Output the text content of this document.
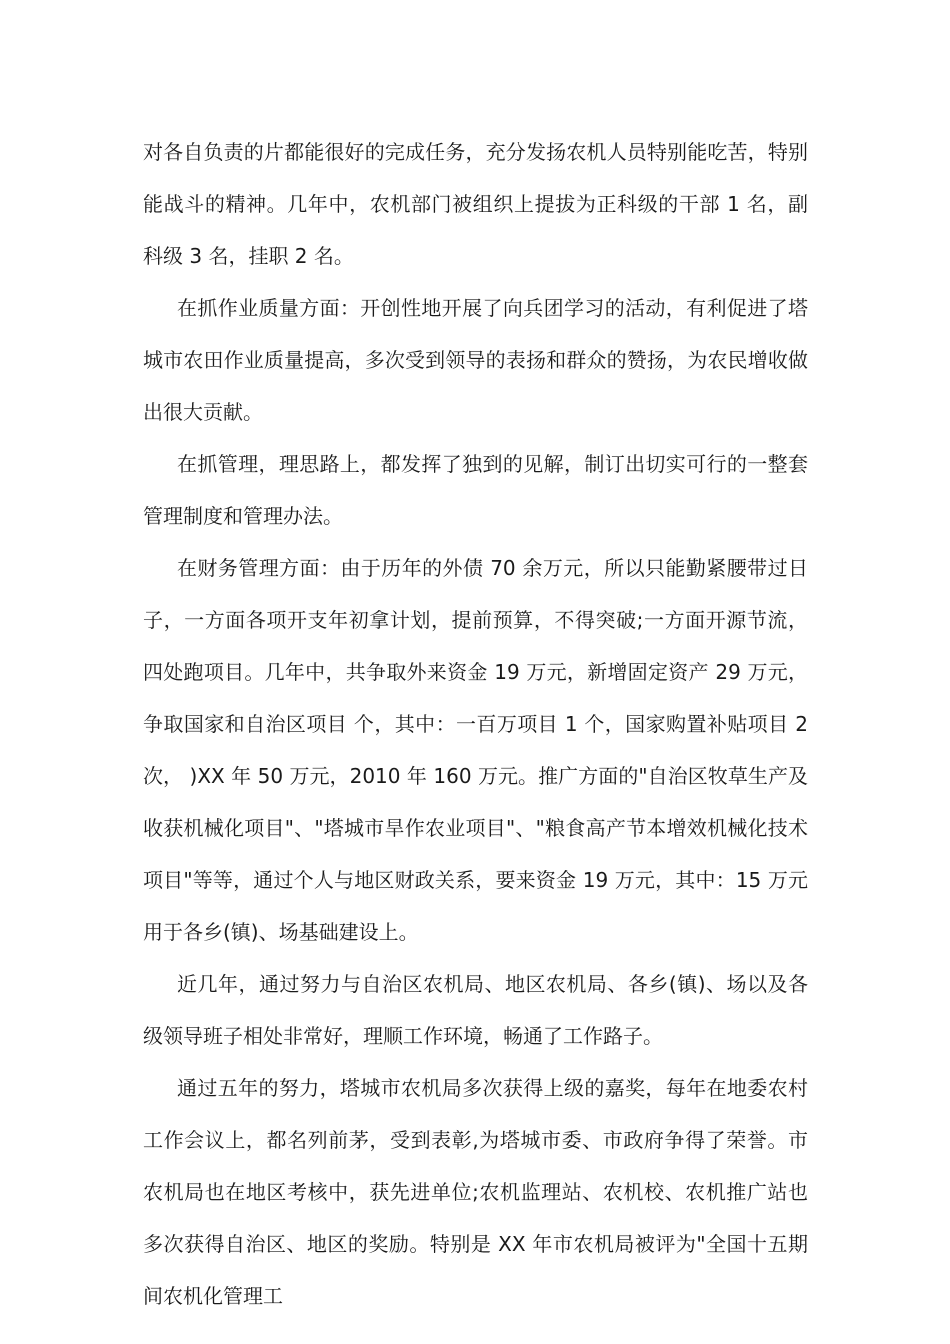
对各自负责的片都能很好的完成任务，充分发扬农机人员特别能吃苦，特别能战斗的精神。几年中，农机部门被组织上提拔为正科级的干部 1 名，副科级 3 名，挂职 2 名。

在抓作业质量方面：开创性地开展了向兵团学习的活动，有利促进了塔城市农田作业质量提高，多次受到领导的表扬和群众的赞扬，为农民增收做出很大贡献。

在抓管理，理思路上，都发挥了独到的见解，制订出切实可行的一整套管理制度和管理办法。

在财务管理方面：由于历年的外债 70 余万元，所以只能勤紧腰带过日子，一方面各项开支年初拿计划，提前预算，不得突破;一方面开源节流，四处跑项目。几年中，共争取外来资金 19 万元，新增固定资产 29 万元，争取国家和自治区项目 个，其中：一百万项目 1 个，国家购置补贴项目 2 次， )XX 年 50 万元，2010 年 160 万元。推广方面的"自治区牧草生产及收获机械化项目"、"塔城市旱作农业项目"、"粮食高产节本增效机械化技术项目"等等，通过个人与地区财政关系，要来资金 19 万元，其中：15 万元用于各乡(镇)、场基础建设上。

近几年，通过努力与自治区农机局、地区农机局、各乡(镇)、场以及各级领导班子相处非常好，理顺工作环境，畅通了工作路子。

通过五年的努力，塔城市农机局多次获得上级的嘉奖，每年在地委农村工作会议上，都名列前茅，受到表彰,为塔城市委、市政府争得了荣誉。市农机局也在地区考核中，获先进单位;农机监理站、农机校、农机推广站也多次获得自治区、地区的奖励。特别是 XX 年市农机局被评为"全国十五期间农机化管理工
